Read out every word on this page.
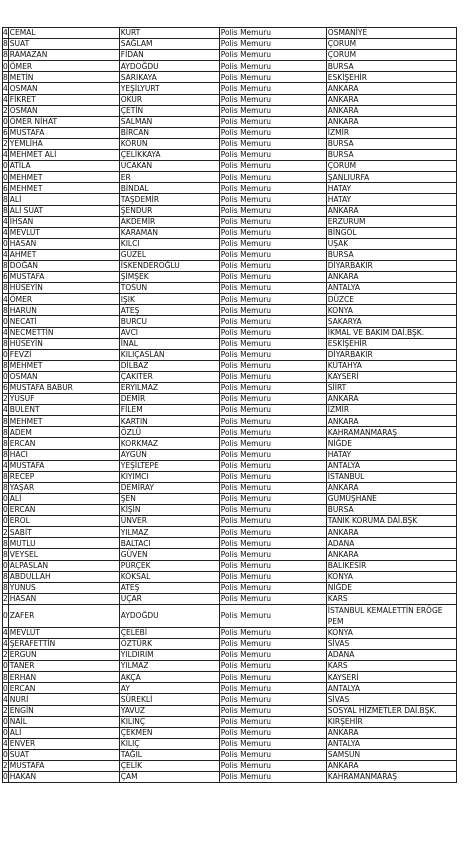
4	CEMAL	KURT	Polis Memuru	OSMANİYE
8	SUAT	SAĞLAM	Polis Memuru	ÇORUM
8	RAMAZAN	FİDAN	Polis Memuru	ÇORUM
0	ÖMER	AYDOĞDU	Polis Memuru	BURSA
8	METİN	SARIKAYA	Polis Memuru	ESKİŞEHİR
4	OSMAN	YEŞİLYURT	Polis Memuru	ANKARA
4	FİKRET	OKUR	Polis Memuru	ANKARA
2	OSMAN	ÇETİN	Polis Memuru	ANKARA
0	ÖMER NİHAT	SALMAN	Polis Memuru	ANKARA
6	MUSTAFA	BİRCAN	Polis Memuru	İZMİR
2	YEMLİHA	KÖRÜN	Polis Memuru	BURSA
4	MEHMET ALİ	ÇELİKKAYA	Polis Memuru	BURSA
0	ATİLA	UCAKAN	Polis Memuru	ÇORUM
0	MEHMET	ER	Polis Memuru	ŞANLIURFA
6	MEHMET	BİNDAL	Polis Memuru	HATAY
8	ALİ	TAŞDEMİR	Polis Memuru	HATAY
8	ALİ SUAT	ŞENDUR	Polis Memuru	ANKARA
4	İHSAN	AKDEMİR	Polis Memuru	ERZURUM
4	MEVLÜT	KARAMAN	Polis Memuru	BİNGÖL
0	HASAN	KILCI	Polis Memuru	UŞAK
4	AHMET	GÜZEL	Polis Memuru	BURSA
8	DOĞAN	İSKENDEROĞLU	Polis Memuru	DİYARBAKIR
6	MUSTAFA	ŞİMŞEK	Polis Memuru	ANKARA
8	HÜSEYİN	TOSUN	Polis Memuru	ANTALYA
4	ÖMER	IŞIK	Polis Memuru	DÜZCE
8	HARUN	ATEŞ	Polis Memuru	KONYA
0	NECATİ	BURCU	Polis Memuru	SAKARYA
4	NECMETTİN	AVCI	Polis Memuru	İKMAL VE BAKIM DAİ.BŞK.
8	HÜSEYİN	İNAL	Polis Memuru	ESKİŞEHİR
0	FEVZİ	KILIÇASLAN	Polis Memuru	DİYARBAKIR
8	MEHMET	DİLBAZ	Polis Memuru	KÜTAHYA
0	OSMAN	ÇAKITER	Polis Memuru	KAYSERİ
6	MUSTAFA BABUR	ERYILMAZ	Polis Memuru	SİİRT
2	YUSUF	DEMİR	Polis Memuru	ANKARA
4	BÜLENT	FİLEM	Polis Memuru	İZMİR
8	MEHMET	KARTIN	Polis Memuru	ANKARA
8	ADEM	ÖZLÜ	Polis Memuru	KAHRAMANMARAŞ
8	ERCAN	KORKMAZ	Polis Memuru	NİĞDE
8	HACI	AYGÜN	Polis Memuru	HATAY
4	MUSTAFA	YEŞİLTEPE	Polis Memuru	ANTALYA
8	RECEP	KIYIMCI	Polis Memuru	İSTANBUL
8	YAŞAR	DEMİRAY	Polis Memuru	ANKARA
0	ALİ	ŞEN	Polis Memuru	GÜMÜŞHANE
0	ERCAN	KİŞİN	Polis Memuru	BURSA
0	EROL	ÜNVER	Polis Memuru	TANIK KORUMA DAİ.BŞK
2	SABİT	YILMAZ	Polis Memuru	ANKARA
8	MUTLU	BALTACI	Polis Memuru	ADANA
8	VEYSEL	GÜVEN	Polis Memuru	ANKARA
0	ALPASLAN	PÜRÇEK	Polis Memuru	BALIKESİR
8	ABDULLAH	KÖKSAL	Polis Memuru	KONYA
8	YUNUS	ATEŞ	Polis Memuru	NİĞDE
2	HASAN	UÇAR	Polis Memuru	KARS
0	ZAFER	AYDOĞDU	Polis Memuru	İSTANBUL KEMALETTİN ERÖGE PEM
4	MEVLÜT	ÇELEBİ	Polis Memuru	KONYA
4	ŞERAFETTİN	ÖZTÜRK	Polis Memuru	SİVAS
2	ERGUN	YILDIRIM	Polis Memuru	ADANA
0	TANER	YILMAZ	Polis Memuru	KARS
8	ERHAN	AKÇA	Polis Memuru	KAYSERİ
0	ERCAN	AY	Polis Memuru	ANTALYA
4	NURİ	SÜREKLİ	Polis Memuru	SİVAS
2	ENGİN	YAVUZ	Polis Memuru	SOSYAL HİZMETLER DAİ.BŞK.
0	NAİL	KILINÇ	Polis Memuru	KIRŞEHİR
0	ALİ	ÇEKMEN	Polis Memuru	ANKARA
4	ENVER	KILIÇ	Polis Memuru	ANTALYA
0	SUAT	TAĞIL	Polis Memuru	SAMSUN
2	MUSTAFA	ÇELİK	Polis Memuru	ANKARA
0	HAKAN	ÇAM	Polis Memuru	KAHRAMANMARAŞ
